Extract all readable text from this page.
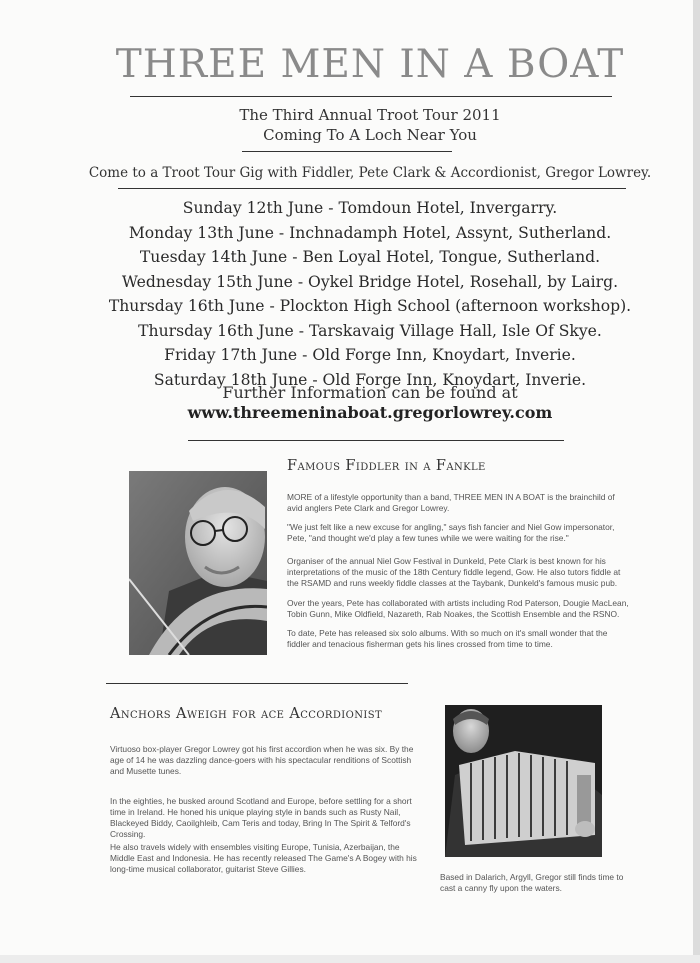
THREE MEN IN A BOAT
The Third Annual Troot Tour 2011
Coming To A Loch Near You
Come to a Troot Tour Gig with Fiddler, Pete Clark & Accordionist, Gregor Lowrey.
Sunday 12th June - Tomdoun Hotel, Invergarry.
Monday 13th June - Inchnadamph Hotel, Assynt, Sutherland.
Tuesday 14th June - Ben Loyal Hotel, Tongue, Sutherland.
Wednesday 15th June - Oykel Bridge Hotel, Rosehall, by Lairg.
Thursday 16th June - Plockton High School (afternoon workshop).
Thursday 16th June - Tarskavaig Village Hall, Isle Of Skye.
Friday 17th June - Old Forge Inn, Knoydart, Inverie.
Saturday 18th June - Old Forge Inn, Knoydart, Inverie.
Further Information can be found at
www.threemeninaboat.gregorlowrey.com
Famous Fiddler in a Fankle
MORE of a lifestyle opportunity than a band, THREE MEN IN A BOAT is the brainchild of avid anglers Pete Clark and Gregor Lowrey.
"We just felt like a new excuse for angling," says fish fancier and Niel Gow impersonator, Pete, "and thought we'd play a few tunes while we were waiting for the rise."
Organiser of the annual Niel Gow Festival in Dunkeld, Pete Clark is best known for his interpretations of the music of the 18th Century fiddle legend, Gow. He also tutors fiddle at the RSAMD and runs weekly fiddle classes at the Taybank, Dunkeld's famous music pub.
Over the years, Pete has collaborated with artists including Rod Paterson, Dougie MacLean, Tobin Gunn, Mike Oldfield, Nazareth, Rab Noakes, the Scottish Ensemble and the RSNO.
To date, Pete has released six solo albums. With so much on it's small wonder that the fiddler and tenacious fisherman gets his lines crossed from time to time.
Anchors Aweigh for ace Accordionist
Virtuoso box-player Gregor Lowrey got his first accordion when he was six. By the age of 14 he was dazzling dance-goers with his spectacular renditions of Scottish and Musette tunes.
In the eighties, he busked around Scotland and Europe, before settling for a short time in Ireland. He honed his unique playing style in bands such as Rusty Nail, Blackeyed Biddy, Caoilghleib, Cam Teris and today, Bring In The Spirit & Telford's Crossing.
He also travels widely with ensembles visiting Europe, Tunisia, Azerbaijan, the Middle East and Indonesia. He has recently released The Game's A Bogey with his long-time musical collaborator, guitarist Steve Gillies.
Based in Dalarich, Argyll, Gregor still finds time to cast a canny fly upon the waters.
